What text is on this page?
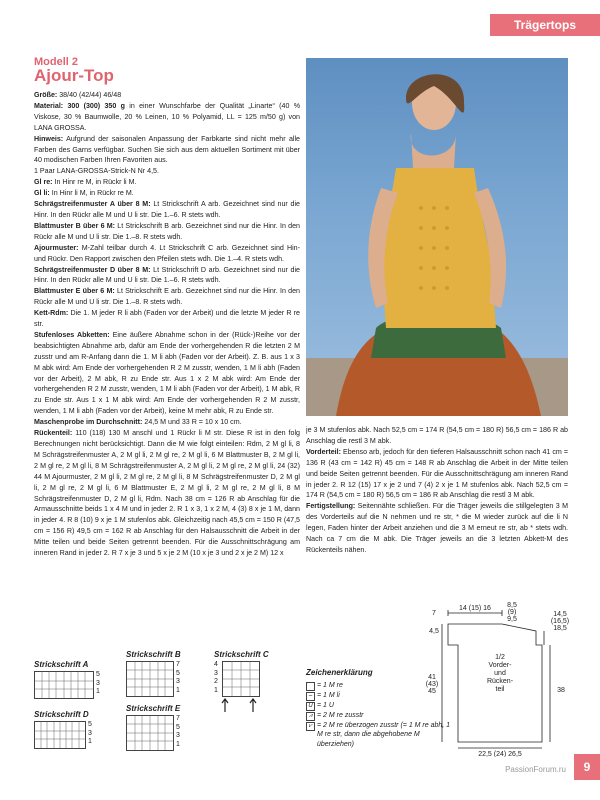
Trägertops
Modell 2
Ajour-Top

Größe: 38/40 (42/44) 46/48

Material: 300 (300) 350 g in einer Wunschfarbe der Qualität „Linarte“ (40 % Viskose, 30 % Baumwolle, 20 % Leinen, 10 % Polyamid, LL = 125 m/50 g) von LANA GROSSA.

Hinweis: Aufgrund der saisonalen Anpassung der Farbkarte sind nicht mehr alle Farben des Garns verfügbar. Suchen Sie sich aus dem aktuellen Sortiment mit über 40 modischen Farben Ihren Favoriten aus.

1 Paar LANA-GROSSA-Strick-N Nr 4,5.

Gl re: In Hinr re M, in Rückr li M.

Gl li: In Hinr li M, in Rückr re M.

Schrägstreifenmuster A über 8 M: Lt Strickschrift A arb. Gezeichnet sind nur die Hinr. In den Rückr alle M und U li str. Die 1.–6. R stets wdh.

Blattmuster B über 6 M: Lt Strickschrift B arb. Gezeichnet sind nur die Hinr. In den Rückr alle M und U li str. Die 1.–8. R stets wdh.

Ajourmuster: M-Zahl teilbar durch 4. Lt Strickschrift C arb. Gezeichnet sind Hin- und Rückr. Den Rapport zwischen den Pfeilen stets wdh. Die 1.–4. R stets wdh.

Schrägstreifenmuster D über 8 M: Lt Strickschrift D arb. Gezeichnet sind nur die Hinr. In den Rückr alle M und U li str. Die 1.–6. R stets wdh.

Blattmuster E über 6 M: Lt Strickschrift E arb. Gezeichnet sind nur die Hinr. In den Rückr alle M und U li str. Die 1.–8. R stets wdh.

Kett-Rdm: Die 1. M jeder R li abh (Faden vor der Arbeit) und die letzte M jeder R re str.

Stufenloses Abketten: Eine äußere Abnahme schon in der (Rück-)Reihe vor der beabsichtigten Abnahme arb, dafür am Ende der vorhergehenden R die letzten 2 M zusstr und am R-Anfang dann die 1. M li abh (Faden vor der Arbeit). Z. B. aus 1 x 3 M abk wird: Am Ende der vorhergehenden R 2 M zusstr, wenden, 1 M li abh (Faden vor der Arbeit), 2 M abk, R zu Ende str. Aus 1 x 2 M abk wird: Am Ende der vorhergehenden R 2 M zusstr, wenden, 1 M li abh (Faden vor der Arbeit), 1 M abk, R zu Ende str. Aus 1 x 1 M abk wird: Am Ende der vorhergehenden R 2 M zusstr, wenden, 1 M li abh (Faden vor der Arbeit), keine M mehr abk, R zu Ende str.

Maschenprobe im Durchschnitt: 24,5 M und 33 R = 10 x 10 cm.

Rückenteil: 110 (118) 130 M anschl und 1 Rückr li M str. Diese R ist in den folg Berechnungen nicht berücksichtigt. Dann die M wie folgt einteilen: Rdm, 2 M gl li, 8 M Schrägstreifenmuster A, 2 M gl li, 2 M gl re, 2 M gl li, 6 M Blattmuster B, 2 M gl li, 2 M gl re, 2 M gl li, 8 M Schrägstreifenmuster A, 2 M gl li, 2 M gl re, 2 M gl li, 24 (32) 44 M Ajourmuster, 2 M gl li, 2 M gl re, 2 M gl li, 8 M Schrägstreifenmuster D, 2 M gl li, 2 M gl re, 2 M gl li, 6 M Blattmuster E, 2 M gl li, 2 M gl re, 2 M gl li, 8 M Schrägstreifenmuster D, 2 M gl li, Rdm. Nach 38 cm = 126 R ab Anschlag für die Armausschnitte beids 1 x 4 M und in jeder 2. R 1 x 3, 1 x 2 M, 4 (3) 8 x je 1 M, dann in jeder 4. R 8 (10) 9 x je 1 M stufenlos abk. Gleichzeitig nach 45,5 cm = 150 R (47,5 cm = 156 R) 49,5 cm = 162 R ab Anschlag für den Halsausschnitt die Arbeit in der Mitte teilen und beide Seiten getrennt beenden. Für die Ausschnittschrägung am inneren Rand in jeder 2. R 7 x je 3 und 5 x je 2 M (10 x je 3 und 2 x je 2 M) 12 x

je 3 M stufenlos abk. Nach 52,5 cm = 174 R (54,5 cm = 180 R) 56,5 cm = 186 R ab Anschlag die restl 3 M abk.

Vorderteil: Ebenso arb, jedoch für den tieferen Halsausschnitt schon nach 41 cm = 136 R (43 cm = 142 R) 45 cm = 148 R ab Anschlag die Arbeit in der Mitte teilen und beide Seiten getrennt beenden. Für die Ausschnittschrägung am inneren Rand in jeder 2. R 12 (15) 17 x je 2 und 7 (4) 2 x je 1 M stufenlos abk. Nach 52,5 cm = 174 R (54,5 cm = 180 R) 56,5 cm = 186 R ab Anschlag die restl 3 M abk.

Fertigstellung: Seitennähte schließen. Für die Träger jeweils die stillgelegten 3 M des Vorderteils auf die N nehmen und re str, * die M wieder zurück auf die li N legen, Faden hinter der Arbeit anziehen und die 3 M erneut re str, ab * stets wdh. Nach ca 7 cm die M abk. Die Träger jeweils an die 3 letzten Abkett-M des Rückenteils nähen.

Strickschrift A
5
3
1
Strickschrift B
7
5
3
1
Strickschrift C
4
3
2
1
Strickschrift D
5
3
1
Strickschrift E
7
5
3
1
Zeichenerklärung
= 1 M re
– = 1 M li
U = 1 U
⩘ = 2 M re zusstr
⩗ = 2 M re überzogen zusstr (= 1 M re abh, 1 M re str, dann die abgehobene M überziehen)
8,5
(9)
9,5
14 (15) 16
7
4,5
14,5
(16,5)
18,5
1/2
Vorder-
und
Rücken-
teil
41
(43)
45	38
22,5 (24) 26,5
PassionForum.ru	9
